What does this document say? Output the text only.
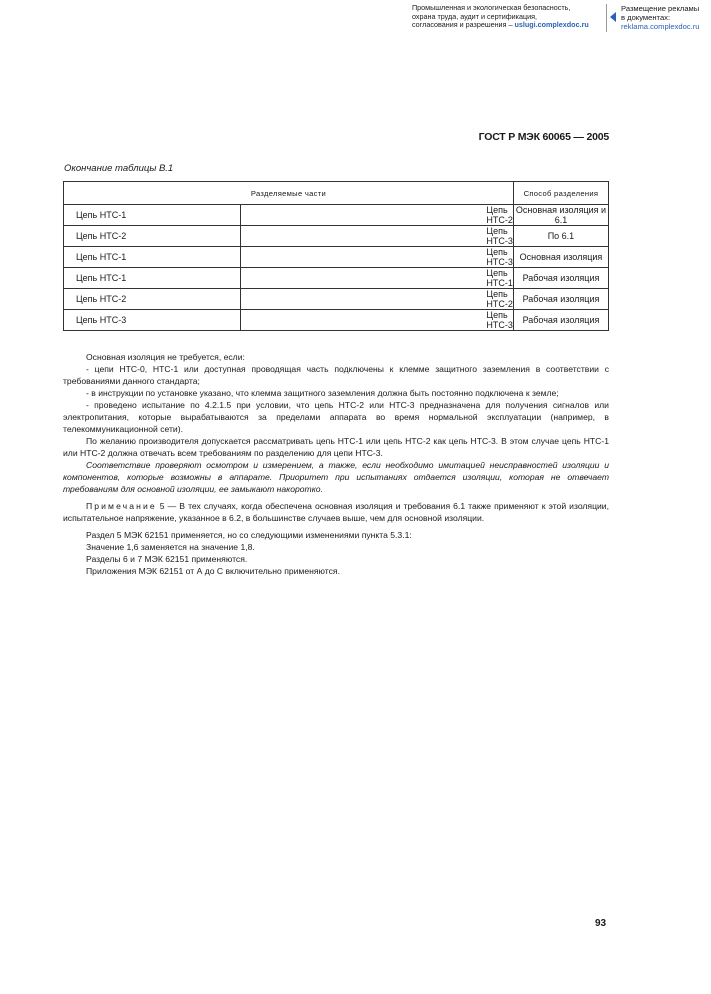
Промышленная и экологическая безопасность,
охрана труда, аудит и сертификация,
согласования и разрешения – uslugi.complexdoc.ru
Размещение рекламы
в документах:
reklama.complexdoc.ru
ГОСТ Р МЭК 60065 — 2005
Окончание таблицы В.1
Разделяемые части		Способ разделения
Цепь НТС-1	Цепь НТС-2	Основная изоляция и 6.1
Цепь НТС-2	Цепь НТС-3	По 6.1
Цепь НТС-1	Цепь НТС-3	Основная изоляция
Цепь НТС-1	Цепь НТС-1	Рабочая изоляция
Цепь НТС-2	Цепь НТС-2	Рабочая изоляция
Цепь НТС-3	Цепь НТС-3	Рабочая изоляция

Основная изоляция не требуется, если:

- цепи НТС-0, НТС-1 или доступная проводящая часть подключены к клемме защитного заземления в соответствии с требованиями данного стандарта;

- в инструкции по установке указано, что клемма защитного заземления должна быть постоянно подключена к земле;

- проведено испытание по 4.2.1.5 при условии, что цепь НТС-2 или НТС-3 предназначена для получения сигналов или электропитания, которые вырабатываются за пределами аппарата во время нормальной эксплуатации (например, в телекоммуникационной сети).

По желанию производителя допускается рассматривать цепь НТС-1 или цепь НТС-2 как цепь НТС-3. В этом случае цепь НТС-1 или НТС-2 должна отвечать всем требованиям по разделению для цепи НТС-3.

Соответствие проверяют осмотром и измерением, а также, если необходимо имитацией неисправностей изоляции и компонентов, которые возможны в аппарате. Приоритет при испытаниях отдается изоляции, которая не отвечает требованиям для основной изоляции, ее замыкают накоротко.

Примечание 5 — В тех случаях, когда обеспечена основная изоляция и требования 6.1 также применяют к этой изоляции, испытательное напряжение, указанное в 6.2, в большинстве случаев выше, чем для основной изоляции.

Раздел 5 МЭК 62151 применяется, но со следующими изменениями пункта 5.3.1:

Значение 1,6 заменяется на значение 1,8.

Разделы 6 и 7 МЭК 62151 применяются.

Приложения МЭК 62151 от А до С включительно применяются.

93
